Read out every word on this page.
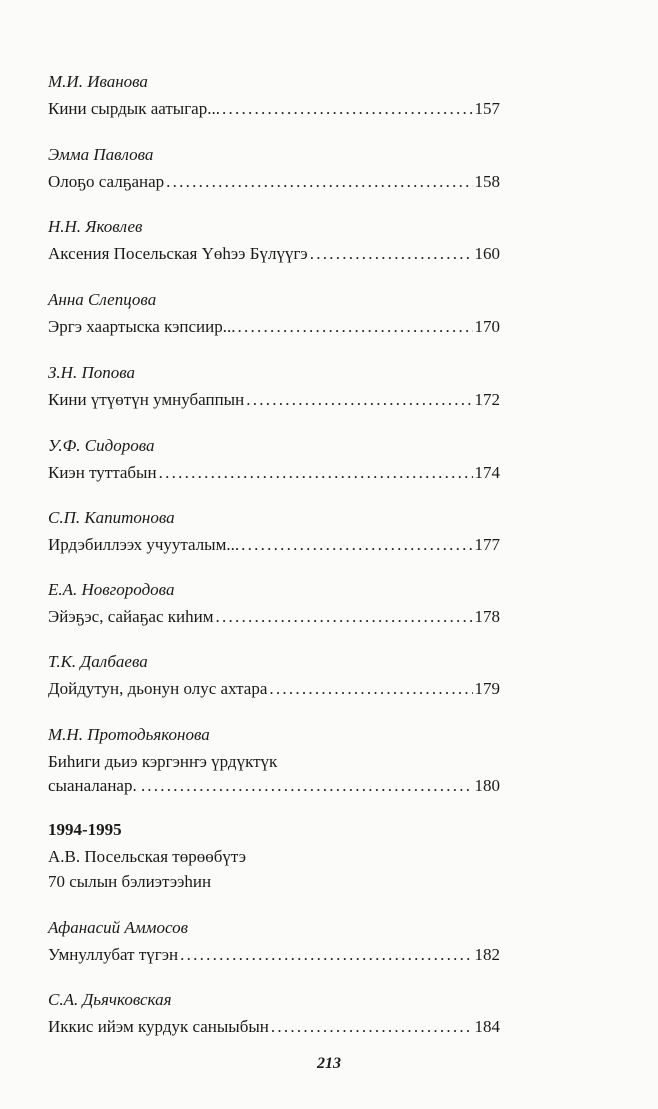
М.И. Иванова
Кини сырдык аатыгар... . . .	157
Эмма Павлова
Олоҕо салҕанар . . .	158
Н.Н. Яковлев
Аксения Посельская Үөһээ Бүлүүгэ . . .	160
Анна Слепцова
Эргэ хаартыска кэпсиир... . . .	170
З.Н. Попова
Кини үтүөтүн умнубаппын . . .	172
У.Ф. Сидорова
Киэн туттабын . . .	174
С.П. Капитонова
Ирдэбиллээх учууталым... . . .	177
Е.А. Новгородова
Эйэҕэс, сайаҕас киһим . . .	178
Т.К. Далбаева
Дойдутун, дьонун олус ахтара . . .	179
М.Н. Протодьяконова
Биһиги дьиэ кэргэнҥэ үрдүктүк
сыаналанар. . . . .	180
1994-1995
А.В. Посельская төрөөбүтэ
70 сылын бэлиэтээһин
Афанасий Аммосов
Умнуллубат түгэн . . .	182
С.А. Дьячковская
Иккис ийэм курдук саныыбын . . .	184
213
